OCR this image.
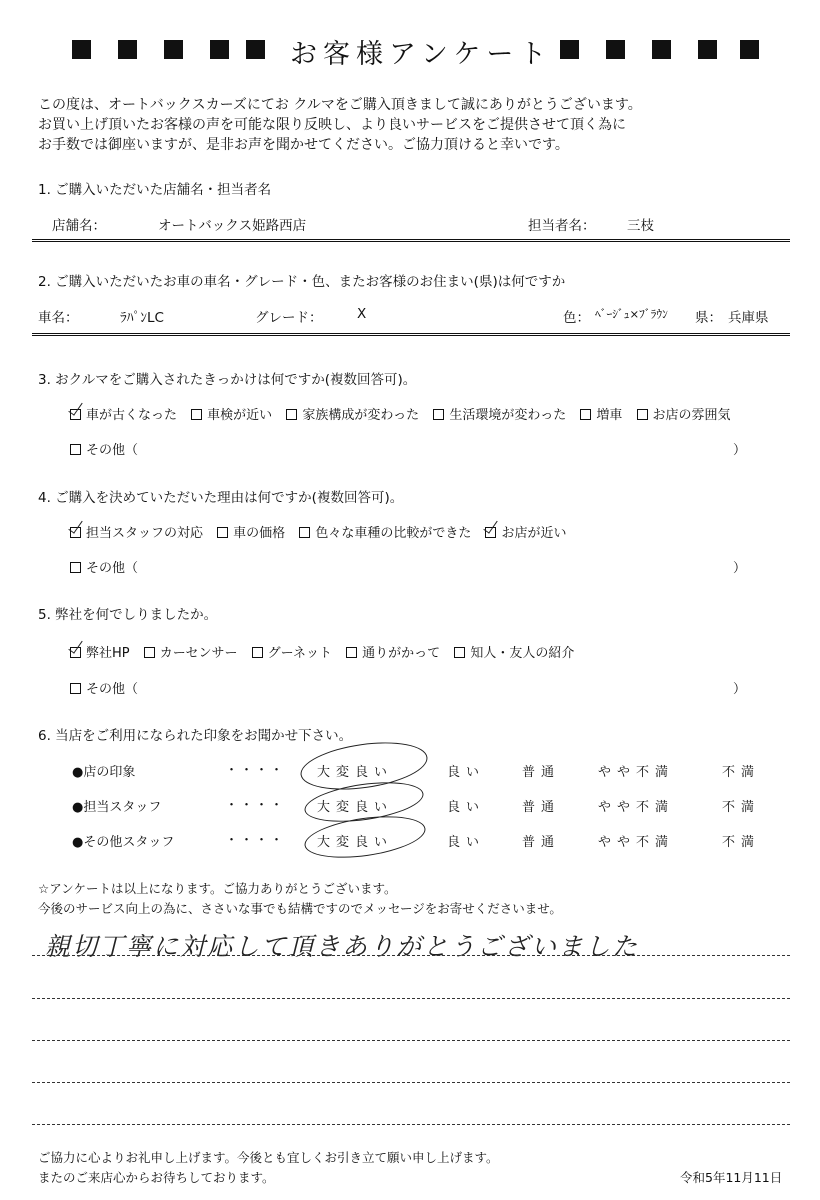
お客様アンケート
この度は、オートバックスカーズにてお クルマをご購入頂きまして誠にありがとうございます。
お買い上げ頂いたお客様の声を可能な限り反映し、より良いサービスをご提供させて頂く為に
お手数では御座いますが、是非お声を聞かせてください。ご協力頂けると幸いです。
1. ご購入いただいた店舗名・担当者名
店舗名：	オートバックス姫路西店	担当者名： 三枝
2. ご購入いただいたお車の車名・グレード・色、またお客様のお住まい(県)は何ですか
車名：	ﾗﾊﾟﾝLC	グレード：	X	色： ﾍﾞｰｼﾞｭ×ﾌﾞﾗｳﾝ 県： 兵庫県
3. おクルマをご購入されたきっかけは何ですか(複数回答可)。
車が古くなった 車検が近い 家族構成が変わった 生活環境が変わった 増車 お店の雰囲気
その他（	）
4. ご購入を決めていただいた理由は何ですか(複数回答可)。
担当スタッフの対応 車の価格 色々な車種の比較ができた お店が近い
その他（	）
5. 弊社を何でしりましたか。
弊社HP カーセンサー グーネット 通りがかって 知人・友人の紹介
その他（	）
6. 当店をご利用になられた印象をお聞かせ下さい。
●店の印象	・・・・ 大変良い	良い	普通	やや不満	不満
●担当スタッフ	・・・・ 大変良い	良い	普通	やや不満	不満
●その他スタッフ	・・・・ 大変良い	良い	普通	やや不満	不満
☆アンケートは以上になります。ご協力ありがとうございます。
今後のサービス向上の為に、ささいな事でも結構ですのでメッセージをお寄せくださいませ。
親切丁寧に対応して頂きありがとうございました
ご協力に心よりお礼申し上げます。今後とも宜しくお引き立て願い申し上げます。
またのご来店心からお待ちしております。	令和5年11月11日
